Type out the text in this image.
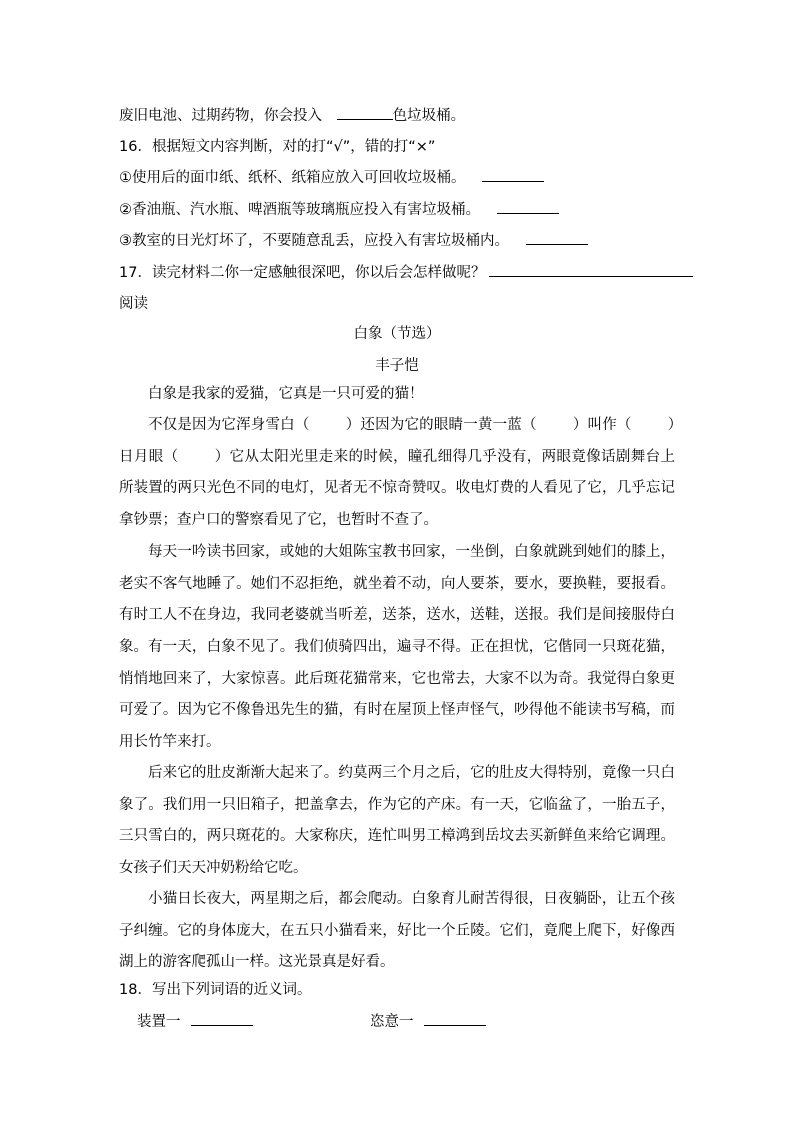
废旧电池、过期药物，你会投入	色垃圾桶。
16．根据短文内容判断，对的打“√”，错的打“×”
①使用后的面巾纸、纸杯、纸箱应放入可回收垃圾桶。
②香油瓶、汽水瓶、啤酒瓶等玻璃瓶应投入有害垃圾桶。
③教室的日光灯坏了，不要随意乱丢，应投入有害垃圾桶内。
17．读完材料二你一定感触很深吧，你以后会怎样做呢？
阅读
白象（节选）
丰子恺
白象是我家的爱猫，它真是一只可爱的猫！
不仅是因为它浑身雪白（ ）还因为它的眼睛一黄一蓝（ ）叫作（ ）日月眼（ ）它从太阳光里走来的时候，瞳孔细得几乎没有，两眼竟像话剧舞台上所装置的两只光色不同的电灯，见者无不惊奇赞叹。收电灯费的人看见了它，几乎忘记拿钞票；查户口的警察看见了它，也暂时不查了。
每天一吟读书回家，或她的大姐陈宝教书回家，一坐倒，白象就跳到她们的膝上，老实不客气地睡了。她们不忍拒绝，就坐着不动，向人要茶，要水，要换鞋，要报看。有时工人不在身边，我同老婆就当听差，送茶，送水，送鞋，送报。我们是间接服侍白象。 有一天，白象不见了。我们侦骑四出，遍寻不得。正在担忧，它偕同一只斑花猫，悄悄地回来了，大家惊喜。此后斑花猫常来，它也常去，大家不以为奇。我觉得白象更可爱了。因为它不像鲁迅先生的猫，有时在屋顶上怪声怪气，吵得他不能读书写稿，而用长竹竿来打。
后来它的肚皮渐渐大起来了。约莫两三个月之后，它的肚皮大得特别，竟像一只白象了。我们用一只旧箱子，把盖拿去，作为它的产床。有一天，它临盆了，一胎五子，三只雪白的，两只斑花的。大家称庆，连忙叫男工樟鸿到岳坟去买新鲜鱼来给它调理。女孩子们天天冲奶粉给它吃。
小猫日长夜大，两星期之后，都会爬动。白象育儿耐苦得很，日夜躺卧，让五个孩子纠缠。它的身体庞大，在五只小猫看来，好比一个丘陵。它们，竟爬上爬下，好像西湖上的游客爬孤山一样。这光景真是好看。
18．写出下列词语的近义词。
装置一	恣意一
